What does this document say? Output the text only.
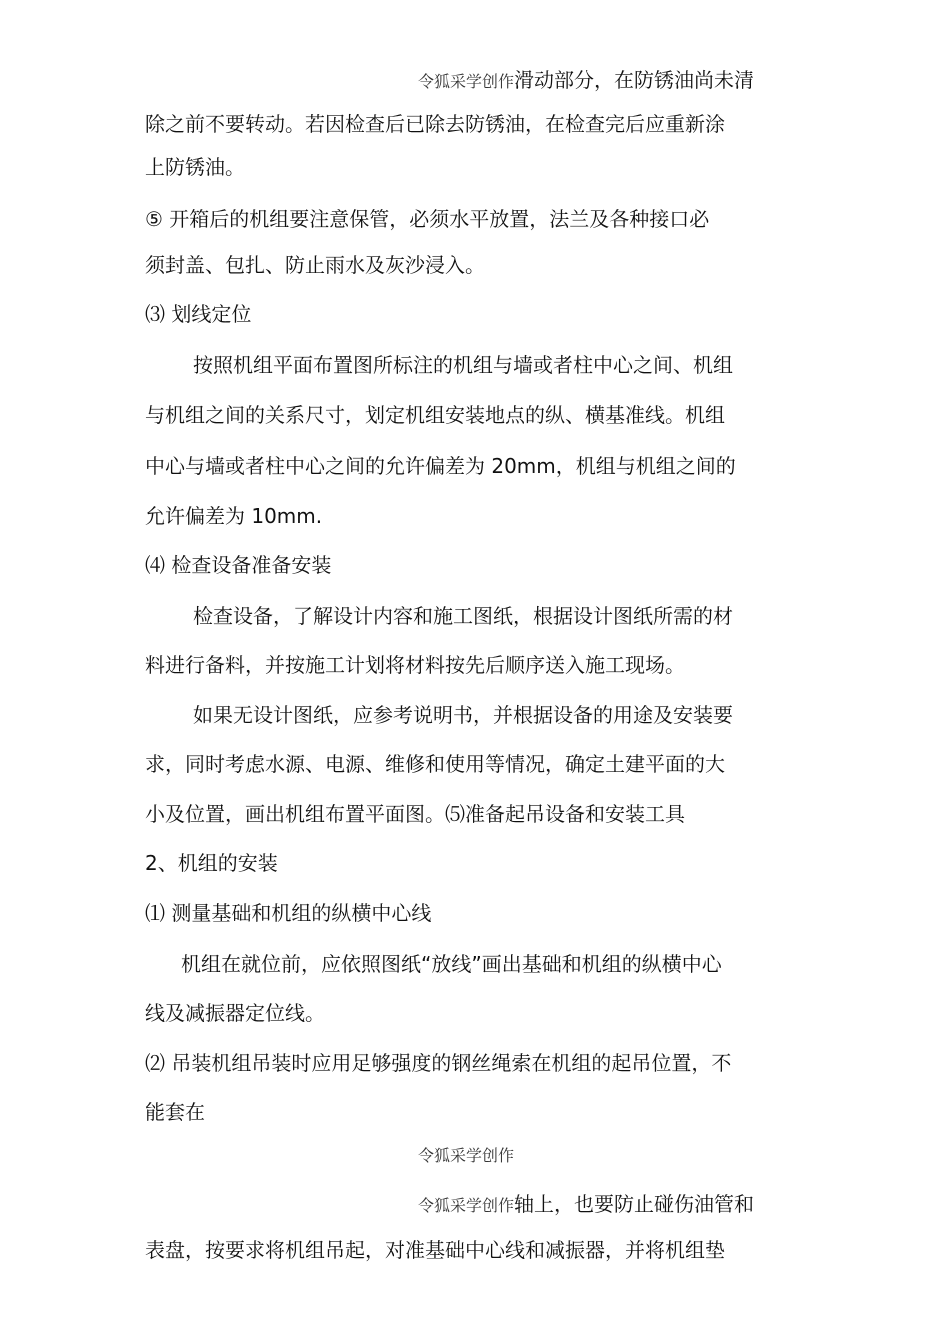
令狐采学创作滑动部分，在防锈油尚未清
除之前不要转动。若因检查后已除去防锈油，在检查完后应重新涂
上防锈油。
⑤ 开箱后的机组要注意保管，必须水平放置，法兰及各种接口必
须封盖、包扎、防止雨水及灰沙浸入。
⑶ 划线定位
按照机组平面布置图所标注的机组与墙或者柱中心之间、机组
与机组之间的关系尺寸，划定机组安装地点的纵、横基准线。机组
中心与墙或者柱中心之间的允许偏差为 20mm，机组与机组之间的
允许偏差为 10mm.
⑷ 检查设备准备安装
检查设备，了解设计内容和施工图纸，根据设计图纸所需的材
料进行备料，并按施工计划将材料按先后顺序送入施工现场。
如果无设计图纸，应参考说明书，并根据设备的用途及安装要
求，同时考虑水源、电源、维修和使用等情况，确定土建平面的大
小及位置，画出机组布置平面图。⑸准备起吊设备和安装工具
2、机组的安装
⑴ 测量基础和机组的纵横中心线
机组在就位前，应依照图纸“放线”画出基础和机组的纵横中心
线及减振器定位线。
⑵ 吊装机组吊装时应用足够强度的钢丝绳索在机组的起吊位置，不
能套在
令狐采学创作
令狐采学创作轴上，也要防止碰伤油管和
表盘，按要求将机组吊起，对准基础中心线和减振器，并将机组垫
